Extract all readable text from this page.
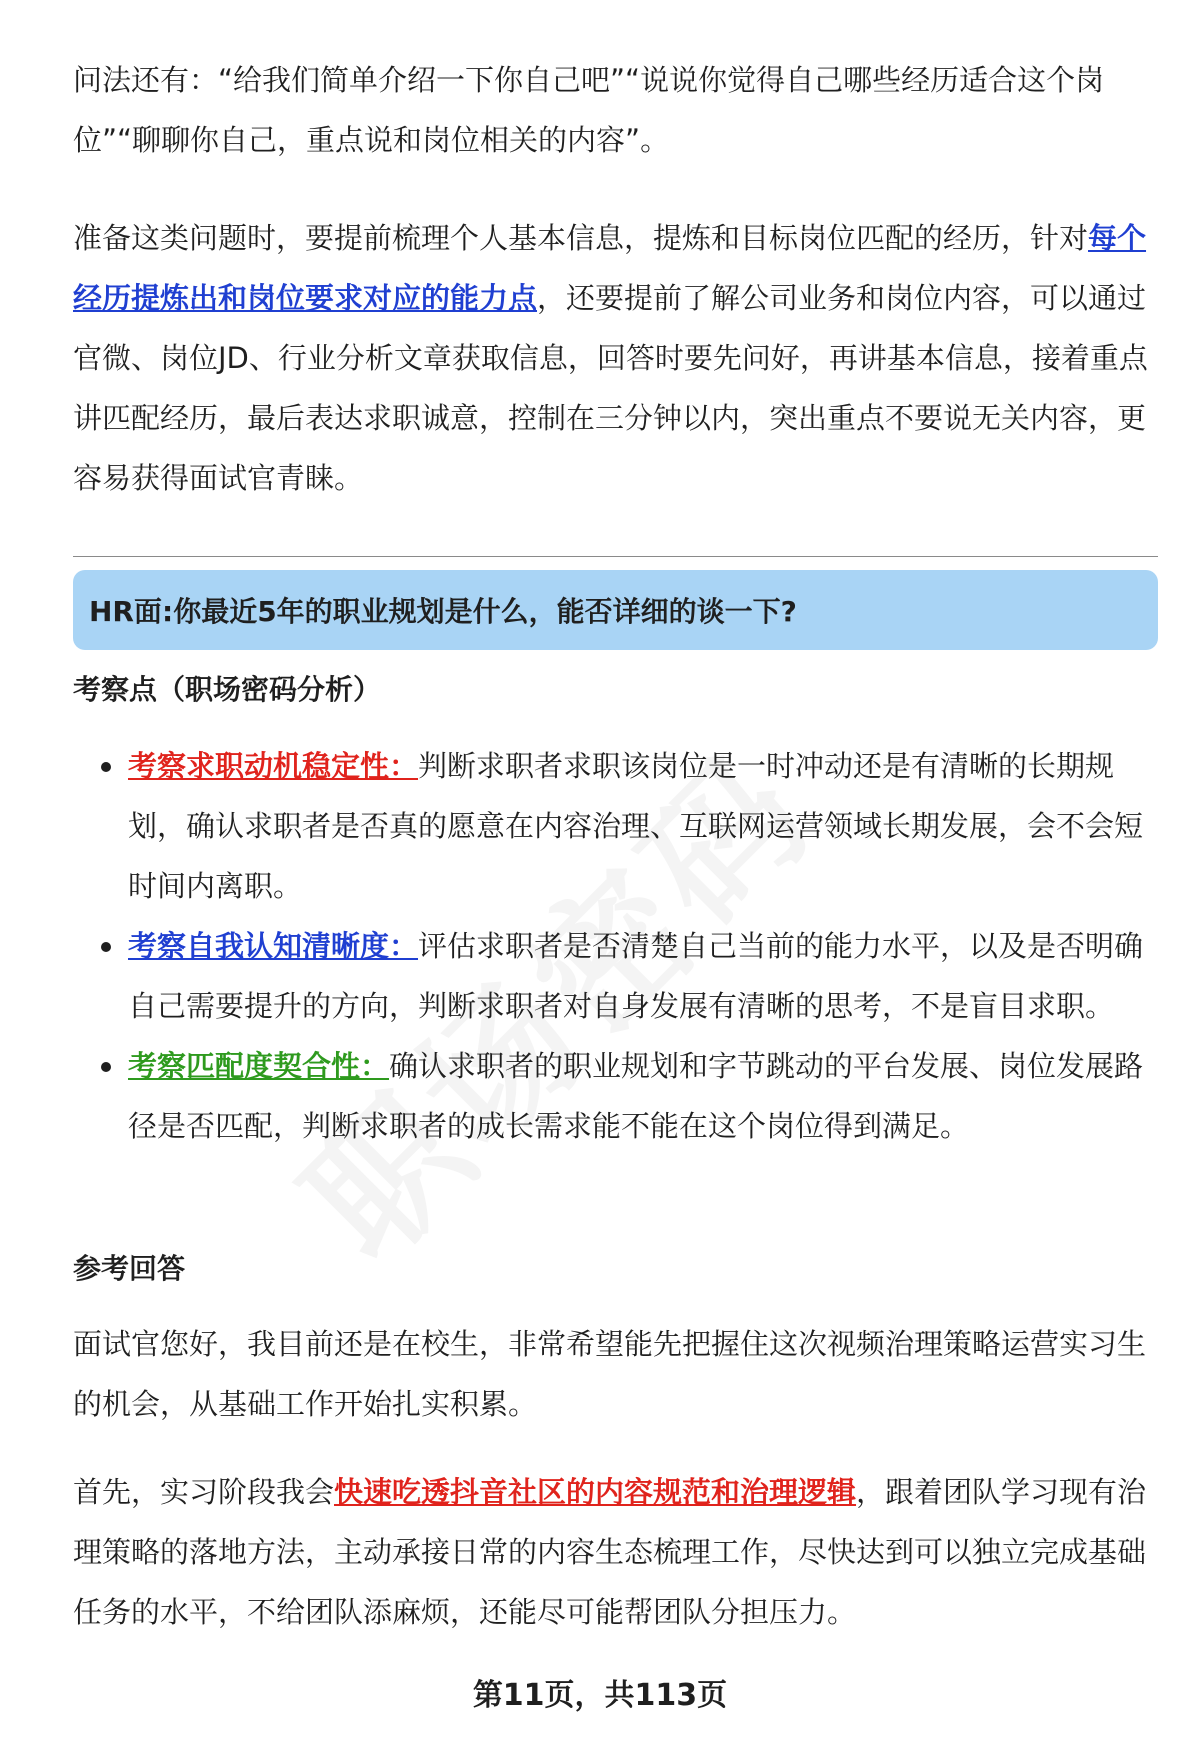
问法还有：“给我们简单介绍一下你自己吧”“说说你觉得自己哪些经历适合这个岗位”“聊聊你自己，重点说和岗位相关的内容”。

准备这类问题时，要提前梳理个人基本信息，提炼和目标岗位匹配的经历，针对每个经历提炼出和岗位要求对应的能力点，还要提前了解公司业务和岗位内容，可以通过官微、岗位JD、行业分析文章获取信息，回答时要先问好，再讲基本信息，接着重点讲匹配经历，最后表达求职诚意，控制在三分钟以内，突出重点不要说无关内容，更容易获得面试官青睐。

HR面:你最近5年的职业规划是什么，能否详细的谈一下?
考察点（职场密码分析）
考察求职动机稳定性：判断求职者求职该岗位是一时冲动还是有清晰的长期规划，确认求职者是否真的愿意在内容治理、互联网运营领域长期发展，会不会短时间内离职。
考察自我认知清晰度：评估求职者是否清楚自己当前的能力水平，以及是否明确自己需要提升的方向，判断求职者对自身发展有清晰的思考，不是盲目求职。
考察匹配度契合性：确认求职者的职业规划和字节跳动的平台发展、岗位发展路径是否匹配，判断求职者的成长需求能不能在这个岗位得到满足。
参考回答

面试官您好，我目前还是在校生，非常希望能先把握住这次视频治理策略运营实习生的机会，从基础工作开始扎实积累。

首先，实习阶段我会快速吃透抖音社区的内容规范和治理逻辑，跟着团队学习现有治理策略的落地方法，主动承接日常的内容生态梳理工作，尽快达到可以独立完成基础任务的水平，不给团队添麻烦，还能尽可能帮团队分担压力。

第11页，共113页
